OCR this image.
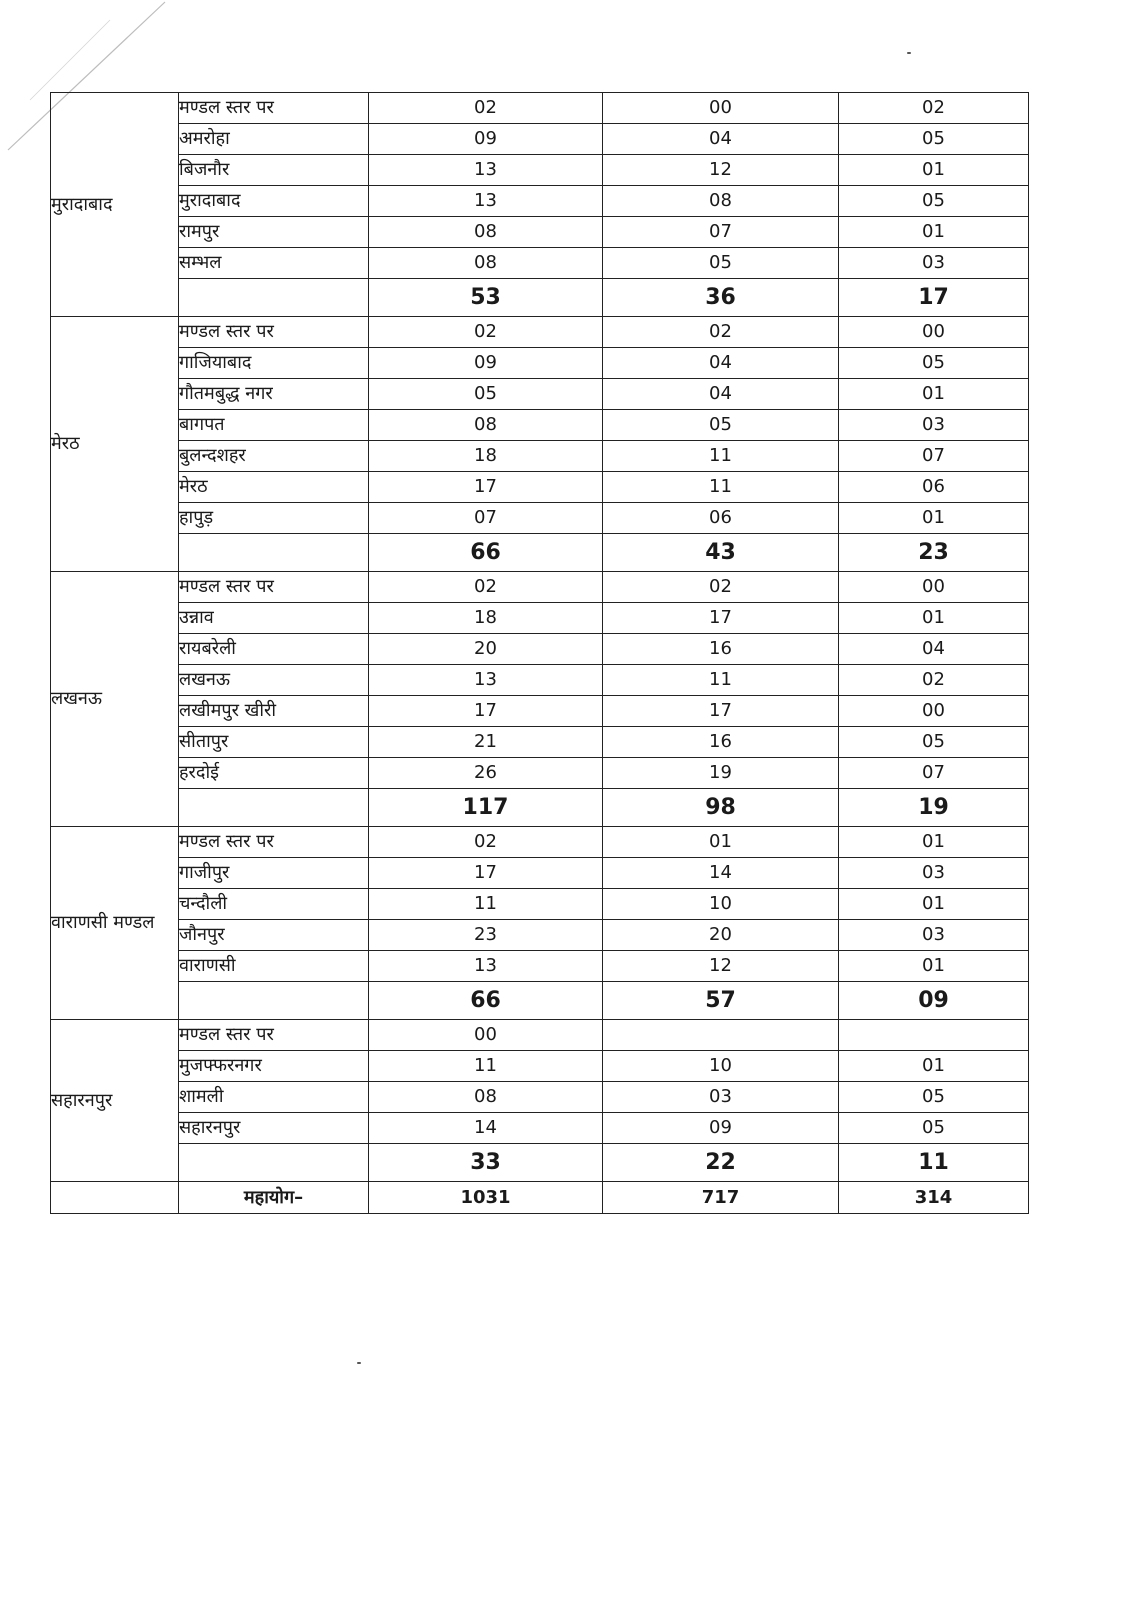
मुरादाबाद	मण्डल स्तर पर	02	00	02
	अमरोहा	09	04	05
	बिजनौर	13	12	01
	मुरादाबाद	13	08	05
	रामपुर	08	07	01
	सम्भल	08	05	03
		53	36	17
मेरठ	मण्डल स्तर पर	02	02	00
	गाजियाबाद	09	04	05
	गौतमबुद्ध नगर	05	04	01
	बागपत	08	05	03
	बुलन्दशहर	18	11	07
	मेरठ	17	11	06
	हापुड़	07	06	01
		66	43	23
लखनऊ	मण्डल स्तर पर	02	02	00
	उन्नाव	18	17	01
	रायबरेली	20	16	04
	लखनऊ	13	11	02
	लखीमपुर खीरी	17	17	00
	सीतापुर	21	16	05
	हरदोई	26	19	07
		117	98	19
वाराणसी मण्डल	मण्डल स्तर पर	02	01	01
	गाजीपुर	17	14	03
	चन्दौली	11	10	01
	जौनपुर	23	20	03
	वाराणसी	13	12	01
		66	57	09
सहारनपुर	मण्डल स्तर पर	00		
	मुजफ्फरनगर	11	10	01
	शामली	08	03	05
	सहारनपुर	14	09	05
		33	22	11
	महायोग–	1031	717	314
